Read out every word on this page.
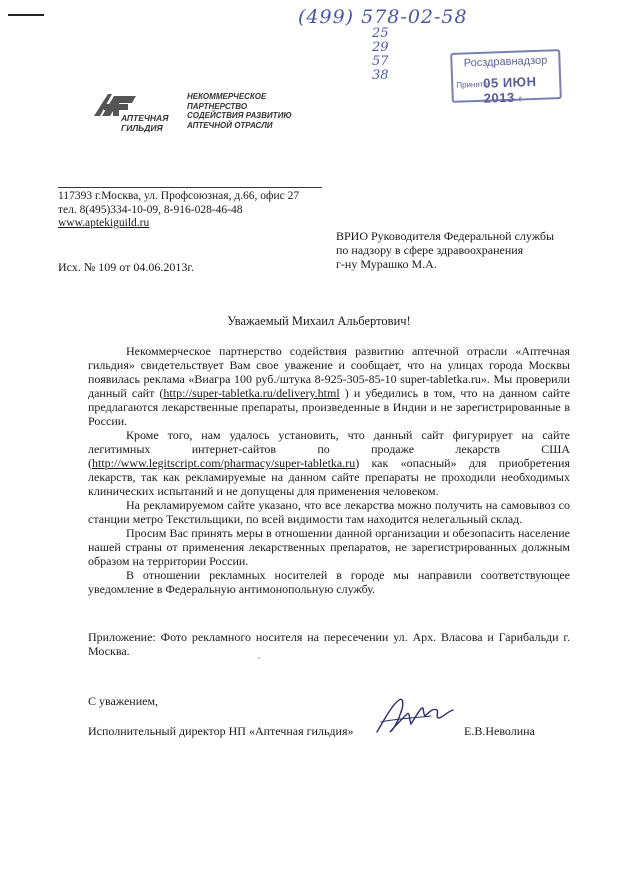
(499) 578-02-58
25
29
57
38
Росздравнадзор
Принято
05 ИЮН 2013 г
АПТЕЧНАЯ
ГИЛЬДИЯ
НЕКОММЕРЧЕСКОЕ
ПАРТНЕРСТВО
СОДЕЙСТВИЯ РАЗВИТИЮ
АПТЕЧНОЙ ОТРАСЛИ
117393 г.Москва, ул. Профсоюзная, д.66, офис 27
тел. 8(495)334-10-09, 8-916-028-46-48
www.aptekiguild.ru
ВРИО Руководителя Федеральной службы
по надзору в сфере здравоохранения
г-ну Мурашко М.А.
Исх. № 109 от 04.06.2013г.
Уважаемый Михаил Альбертович!

Некоммерческое партнерство содействия развитию аптечной отрасли «Аптечная гильдия» свидетельствует Вам свое уважение и сообщает, что на улицах города Москвы появилась реклама «Виагра 100 руб./штука 8-925-305-85-10 super-tabletka.ru». Мы проверили данный сайт (http://super-tabletka.ru/delivery.html ) и убедились в том, что на данном сайте предлагаются лекарственные препараты, произведенные в Индии и не зарегистрированные в России.

Кроме того, нам удалось установить, что данный сайт фигурирует на сайте легитимных интернет-сайтов по продаже лекарств США (http://www.legitscript.com/pharmacy/super-tabletka.ru) как «опасный» для приобретения лекарств, так как рекламируемые на данном сайте препараты не проходили необходимых клинических испытаний и не допущены для применения человеком.

На рекламируемом сайте указано, что все лекарства можно получить на самовывоз со станции метро Текстильщики, по всей видимости там находится нелегальный склад.

Просим Вас принять меры в отношении данной организации и обезопасить население нашей страны от применения лекарственных препаратов, не зарегистрированных должным образом на территории России.

В отношении рекламных носителей в городе мы направили соответствующее уведомление в Федеральную антимонопольную службу.

Приложение: Фото рекламного носителя на пересечении ул. Арх. Власова и Гарибальди г. Москва.

С уважением,
Исполнительный директор НП «Аптечная гильдия»	Е.В.Неволина
